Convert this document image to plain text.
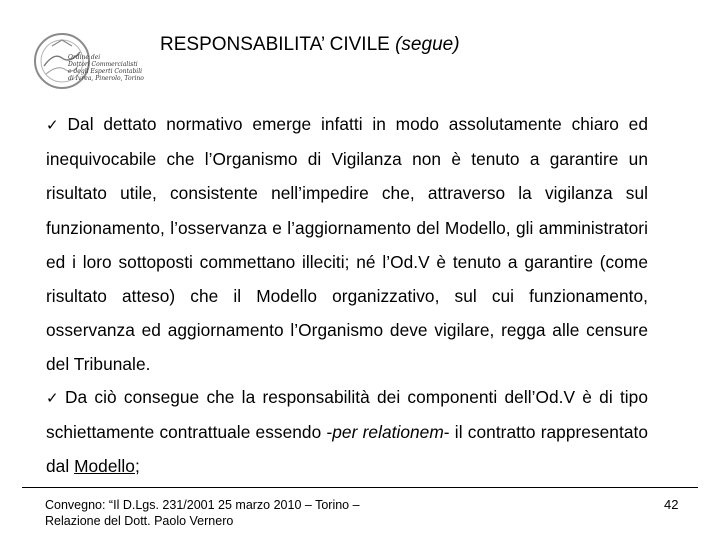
Ordine dei
Dottori Commercialisti
e degli Esperti Contabili
di Ivrea, Pinerolo, Torino
RESPONSABILITA’ CIVILE (segue)
✓ Dal dettato normativo emerge infatti in modo assolutamente chiaro ed inequivocabile che l’Organismo di Vigilanza non è tenuto a garantire un risultato utile, consistente nell’impedire che, attraverso la vigilanza sul funzionamento, l’osservanza e l’aggiornamento del Modello, gli amministratori ed i loro sottoposti commettano illeciti; né l’Od.V è tenuto a garantire (come risultato atteso) che il Modello organizzativo, sul cui funzionamento, osservanza ed aggiornamento l’Organismo deve vigilare, regga alle censure del Tribunale.
✓ Da ciò consegue che la responsabilità dei componenti dell’Od.V è di tipo schiettamente contrattuale essendo -per relationem- il contratto rappresentato dal Modello;
Convegno: “Il D.Lgs. 231/2001 25 marzo 2010 – Torino –
Relazione del Dott. Paolo Vernero
42
